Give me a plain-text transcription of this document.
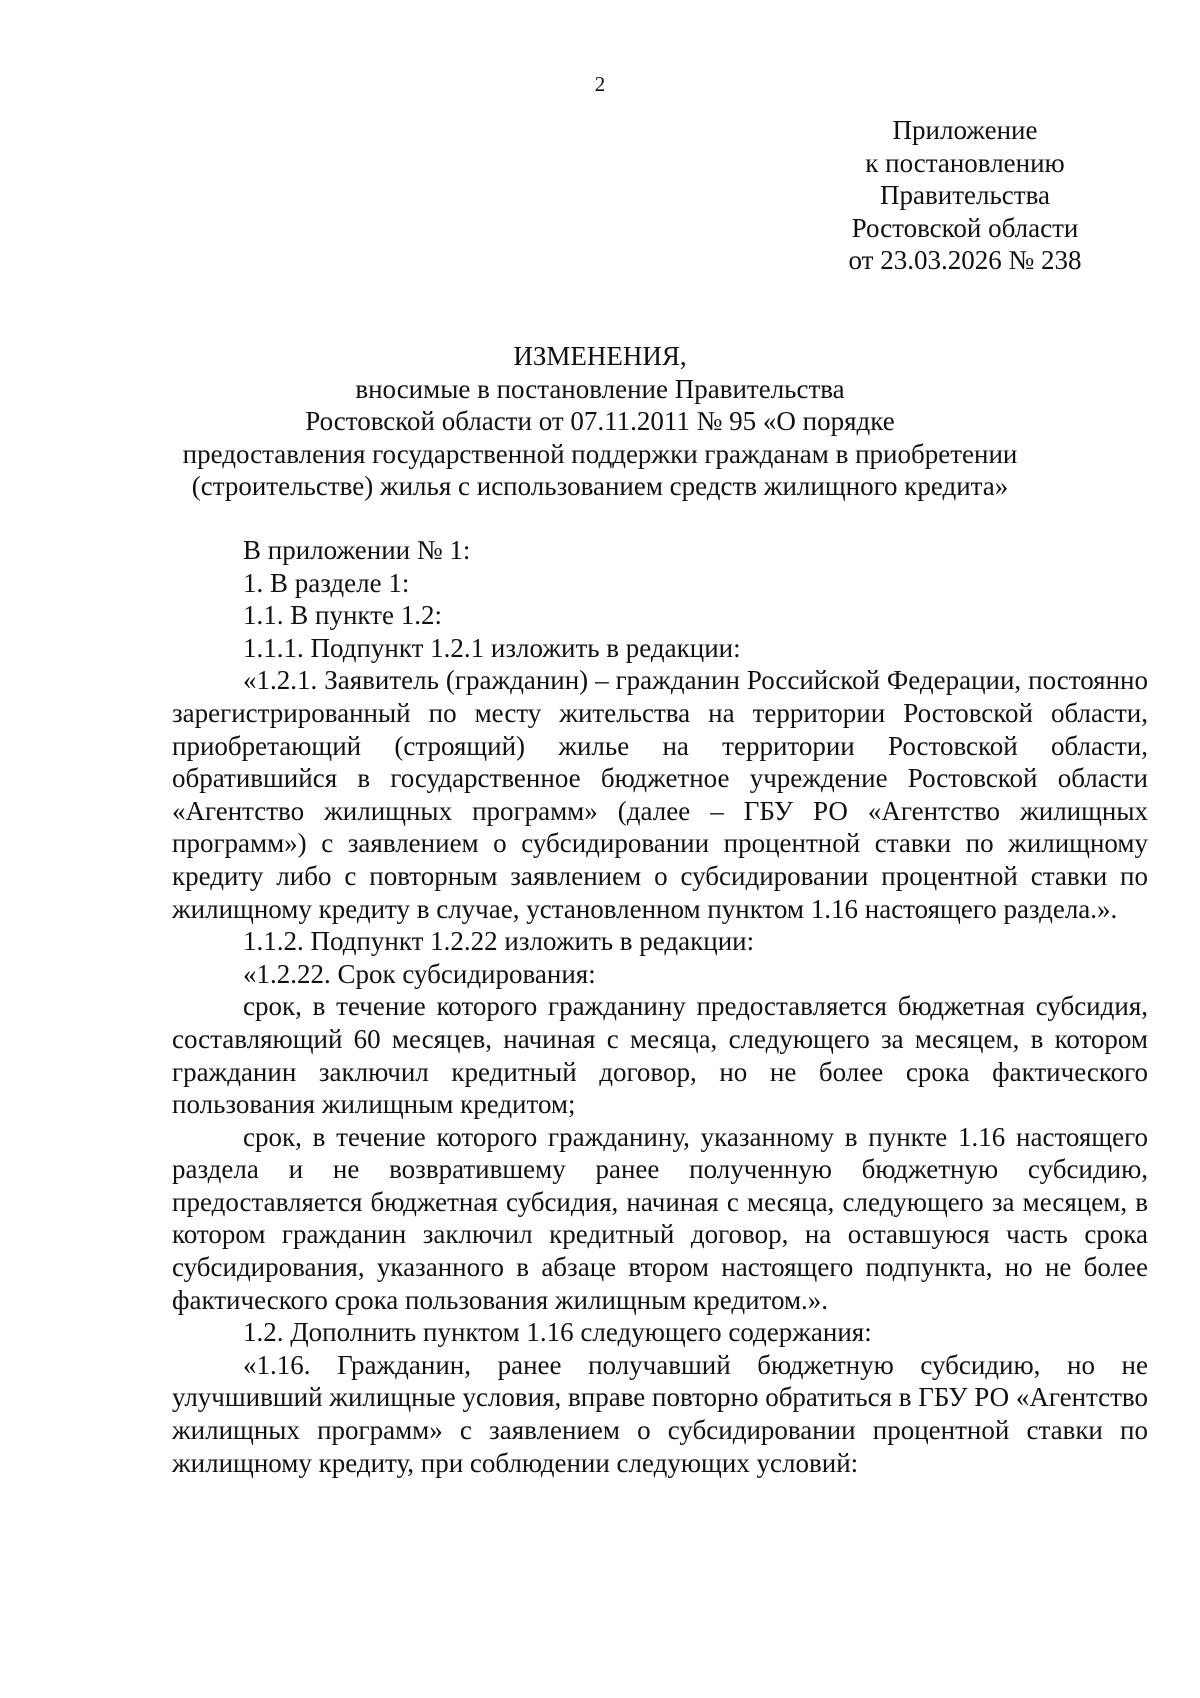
2
Приложение
к постановлению
Правительства
Ростовской области
от 23.03.2026 № 238
ИЗМЕНЕНИЯ,
вносимые в постановление Правительства
Ростовской области от 07.11.2011 № 95 «О порядке
предоставления государственной поддержки гражданам в приобретении
(строительстве) жилья с использованием средств жилищного кредита»

В приложении № 1:

1. В разделе 1:

1.1. В пункте 1.2:

1.1.1. Подпункт 1.2.1 изложить в редакции:

«1.2.1. Заявитель (гражданин) – гражданин Российской Федерации, постоянно зарегистрированный по месту жительства на территории Ростовской области, приобретающий (строящий) жилье на территории Ростовской области, обратившийся в государственное бюджетное учреждение Ростовской области «Агентство жилищных программ» (далее – ГБУ РО «Агентство жилищных программ») с заявлением о субсидировании процентной ставки по жилищному кредиту либо с повторным заявлением о субсидировании процентной ставки по жилищному кредиту в случае, установленном пунктом 1.16 настоящего раздела.».

1.1.2. Подпункт 1.2.22 изложить в редакции:

«1.2.22. Срок субсидирования:

срок, в течение которого гражданину предоставляется бюджетная субсидия, составляющий 60 месяцев, начиная с месяца, следующего за месяцем, в котором гражданин заключил кредитный договор, но не более срока фактического пользования жилищным кредитом;

срок, в течение которого гражданину, указанному в пункте 1.16 настоящего раздела и не возвратившему ранее полученную бюджетную субсидию, предоставляется бюджетная субсидия, начиная с месяца, следующего за месяцем, в котором гражданин заключил кредитный договор, на оставшуюся часть срока субсидирования, указанного в абзаце втором настоящего подпункта, но не более фактического срока пользования жилищным кредитом.».

1.2. Дополнить пунктом 1.16 следующего содержания:

«1.16. Гражданин, ранее получавший бюджетную субсидию, но не улучшивший жилищные условия, вправе повторно обратиться в ГБУ РО «Агентство жилищных программ» с заявлением о субсидировании процентной ставки по жилищному кредиту, при соблюдении следующих условий:
